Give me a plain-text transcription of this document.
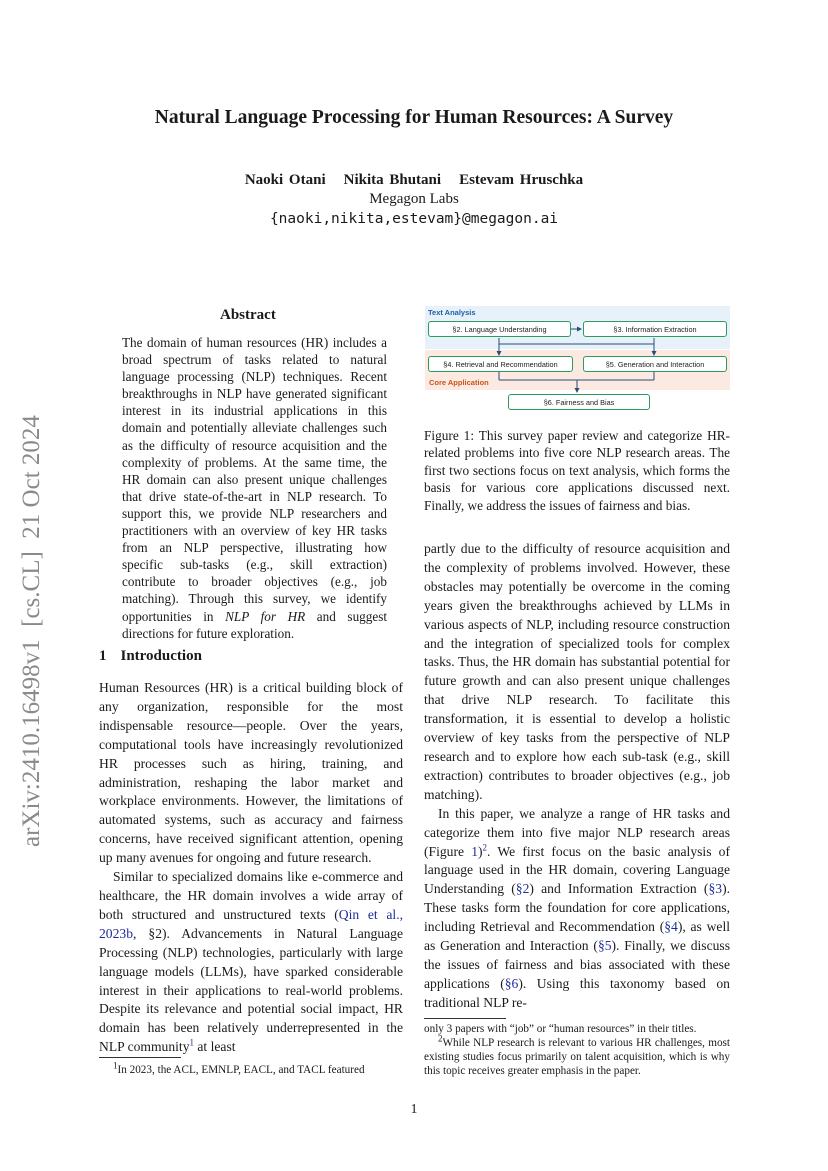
Natural Language Processing for Human Resources: A Survey
Naoki Otani Nikita Bhutani Estevam Hruschka
Megagon Labs
{naoki,nikita,estevam}@megagon.ai
arXiv:2410.16498v1  [cs.CL]  21 Oct 2024
Abstract
The domain of human resources (HR) includes a broad spectrum of tasks related to natural language processing (NLP) techniques. Recent breakthroughs in NLP have generated significant interest in its industrial applications in this domain and potentially alleviate challenges such as the difficulty of resource acquisition and the complexity of problems. At the same time, the HR domain can also present unique challenges that drive state-of-the-art in NLP research. To support this, we provide NLP researchers and practitioners with an overview of key HR tasks from an NLP perspective, illustrating how specific sub-tasks (e.g., skill extraction) contribute to broader objectives (e.g., job matching). Through this survey, we identify opportunities in NLP for HR and suggest directions for future exploration.
1 Introduction

Human Resources (HR) is a critical building block of any organization, responsible for the most indispensable resource—people. Over the years, computational tools have increasingly revolutionized HR processes such as hiring, training, and administration, reshaping the labor market and workplace environments. However, the limitations of automated systems, such as accuracy and fairness concerns, have received significant attention, opening up many avenues for ongoing and future research.

Similar to specialized domains like e-commerce and healthcare, the HR domain involves a wide array of both structured and unstructured texts (Qin et al., 2023b, §2). Advancements in Natural Language Processing (NLP) technologies, particularly with large language models (LLMs), have sparked considerable interest in their applications to real-world problems. Despite its relevance and potential social impact, HR domain has been relatively underrepresented in the NLP community$^1$ at least

$^1$In 2023, the ACL, EMNLP, EACL, and TACL featured
Text Analysis
Core Application
§2. Language Understanding	§3. Information Extraction
§4. Retrieval and Recommendation	§5. Generation and Interaction
§6. Fairness and Bias
Figure 1: This survey paper review and categorize HR-related problems into five core NLP research areas. The first two sections focus on text analysis, which forms the basis for various core applications discussed next. Finally, we address the issues of fairness and bias.

partly due to the difficulty of resource acquisition and the complexity of problems involved. However, these obstacles may potentially be overcome in the coming years given the breakthroughs achieved by LLMs in various aspects of NLP, including resource construction and the integration of specialized tools for complex tasks. Thus, the HR domain has substantial potential for future growth and can also present unique challenges that drive NLP research. To facilitate this transformation, it is essential to develop a holistic overview of key tasks from the perspective of NLP research and to explore how each sub-task (e.g., skill extraction) contributes to broader objectives (e.g., job matching).

In this paper, we analyze a range of HR tasks and categorize them into five major NLP research areas (Figure 1)$^2$. We first focus on the basic analysis of language used in the HR domain, covering Language Understanding (§2) and Information Extraction (§3). These tasks form the foundation for core applications, including Retrieval and Recommendation (§4), as well as Generation and Interaction (§5). Finally, we discuss the issues of fairness and bias associated with these applications (§6). Using this taxonomy based on traditional NLP re-

only 3 papers with “job” or “human resources” in their titles.
$^2$While NLP research is relevant to various HR challenges, most existing studies focus primarily on talent acquisition, which is why this topic receives greater emphasis in the paper.
1
